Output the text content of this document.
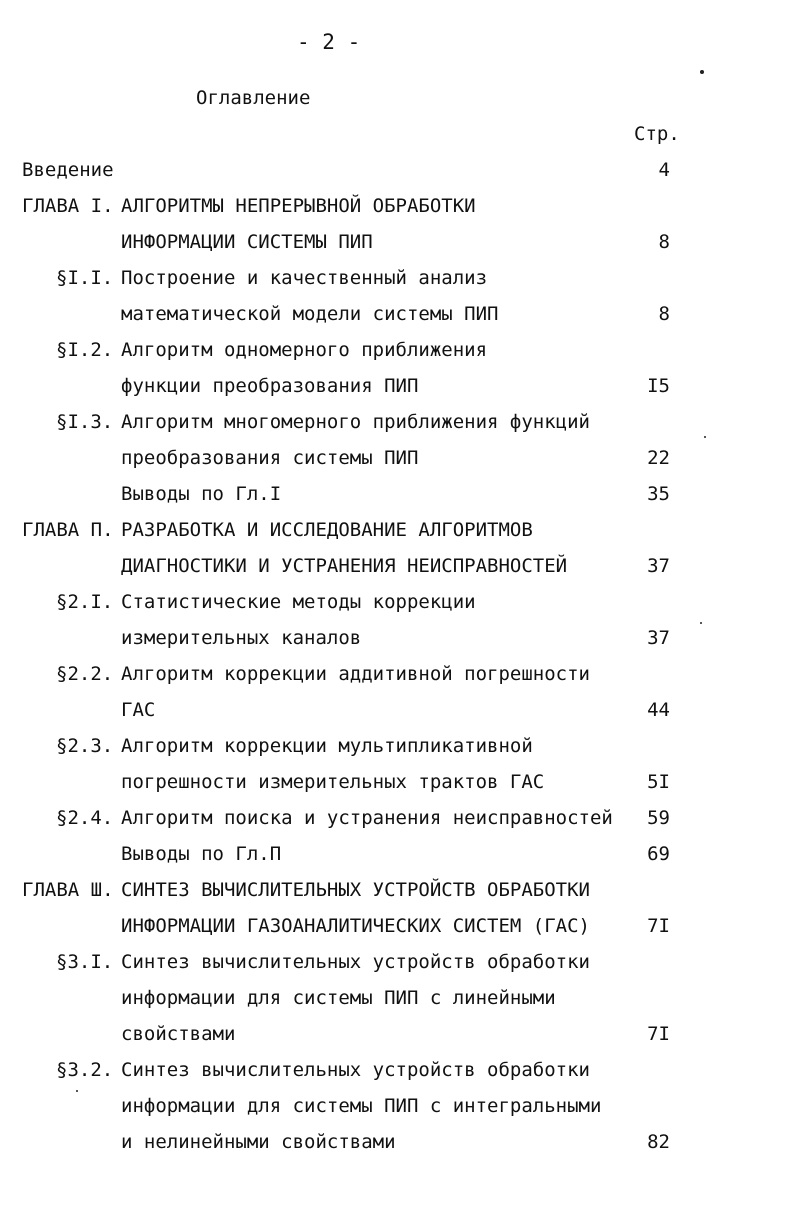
- 2 -
Оглавление
Стр.
Введение	4
ГЛАВА I. АЛГОРИТМЫ НЕПРЕРЫВНОЙ ОБРАБОТКИ
ИНФОРМАЦИИ СИСТЕМЫ ПИП	8
§I.I. Построение и качественный анализ
математической модели системы ПИП	8
§I.2. Алгоритм одномерного приближения
функции преобразования ПИП	I5
§I.3. Алгоритм многомерного приближения функций
преобразования системы ПИП	22
Выводы по Гл.I	35
ГЛАВА П. РАЗРАБОТКА И ИССЛЕДОВАНИЕ АЛГОРИТМОВ
ДИАГНОСТИКИ И УСТРАНЕНИЯ НЕИСПРАВНОСТЕЙ	37
§2.I. Статистические методы коррекции
измерительных каналов	37
§2.2. Алгоритм коррекции аддитивной погрешности
ГАС	44
§2.3. Алгоритм коррекции мультипликативной
погрешности измерительных трактов ГАС	5I
§2.4. Алгоритм поиска и устранения неисправностей	59
Выводы по Гл.П	69
ГЛАВА Ш. СИНТЕЗ ВЫЧИСЛИТЕЛЬНЫХ УСТРОЙСТВ ОБРАБОТКИ
ИНФОРМАЦИИ ГАЗОАНАЛИТИЧЕСКИХ СИСТЕМ (ГАС)	7I
§3.I. Синтез вычислительных устройств обработки
информации для системы ПИП с линейными
свойствами	7I
§3.2. Синтез вычислительных устройств обработки
информации для системы ПИП с интегральными
и нелинейными свойствами	82
